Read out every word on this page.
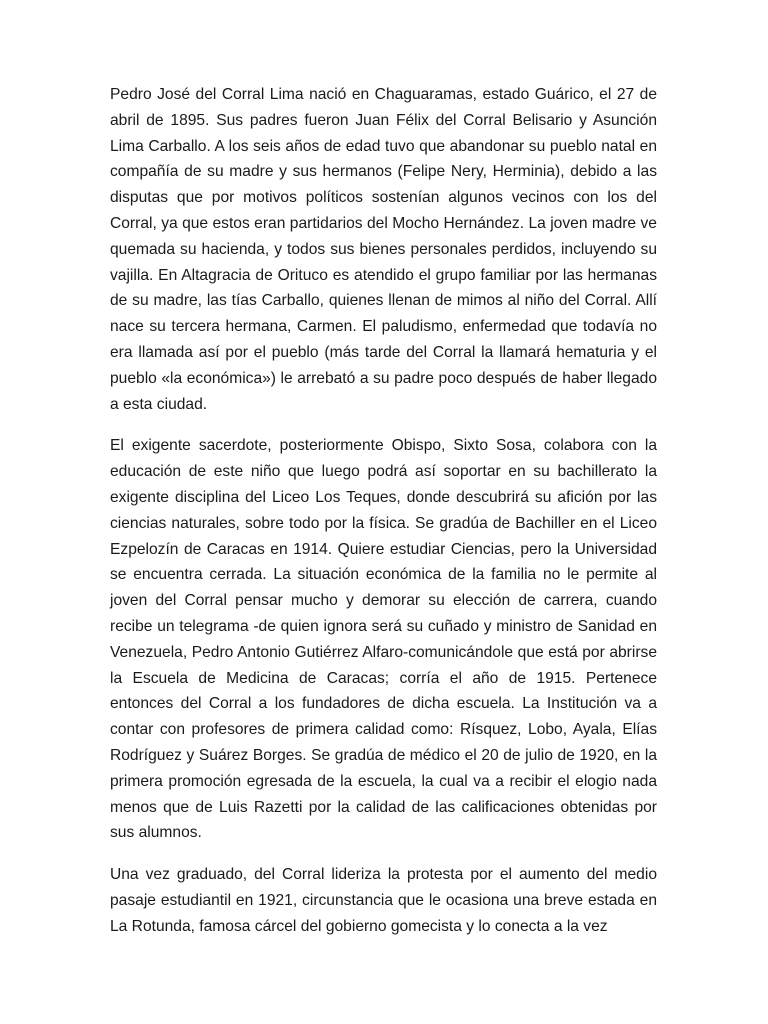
Pedro José del Corral Lima nació en Chaguaramas, estado Guárico, el 27 de abril de 1895. Sus padres fueron Juan Félix del Corral Belisario y Asunción Lima Carballo. A los seis años de edad tuvo que abandonar su pueblo natal en compañía de su madre y sus hermanos (Felipe Nery, Herminia), debido a las disputas que por motivos políticos sostenían algunos vecinos con los del Corral, ya que estos eran partidarios del Mocho Hernández. La joven madre ve quemada su hacienda, y todos sus bienes personales perdidos, incluyendo su vajilla. En Altagracia de Orituco es atendido el grupo familiar por las hermanas de su madre, las tías Carballo, quienes llenan de mimos al niño del Corral. Allí nace su tercera hermana, Carmen. El paludismo, enfermedad que todavía no era llamada así por el pueblo (más tarde del Corral la llamará hematuria y el pueblo «la económica») le arrebató a su padre poco después de haber llegado a esta ciudad.

El exigente sacerdote, posteriormente Obispo, Sixto Sosa, colabora con la educación de este niño que luego podrá así soportar en su bachillerato la exigente disciplina del Liceo Los Teques, donde descubrirá su afición por las ciencias naturales, sobre todo por la física. Se gradúa de Bachiller en el Liceo Ezpelozín de Caracas en 1914. Quiere estudiar Ciencias, pero la Universidad se encuentra cerrada. La situación económica de la familia no le permite al joven del Corral pensar mucho y demorar su elección de carrera, cuando recibe un telegrama -de quien ignora será su cuñado y ministro de Sanidad en Venezuela, Pedro Antonio Gutiérrez Alfaro-comunicándole que está por abrirse la Escuela de Medicina de Caracas; corría el año de 1915. Pertenece entonces del Corral a los fundadores de dicha escuela. La Institución va a contar con profesores de primera calidad como: Rísquez, Lobo, Ayala, Elías Rodríguez y Suárez Borges. Se gradúa de médico el 20 de julio de 1920, en la primera promoción egresada de la escuela, la cual va a recibir el elogio nada menos que de Luis Razetti por la calidad de las calificaciones obtenidas por sus alumnos.

Una vez graduado, del Corral lideriza la protesta por el aumento del medio pasaje estudiantil en 1921, circunstancia que le ocasiona una breve estada en La Rotunda, famosa cárcel del gobierno gomecista y lo conecta a la vez
